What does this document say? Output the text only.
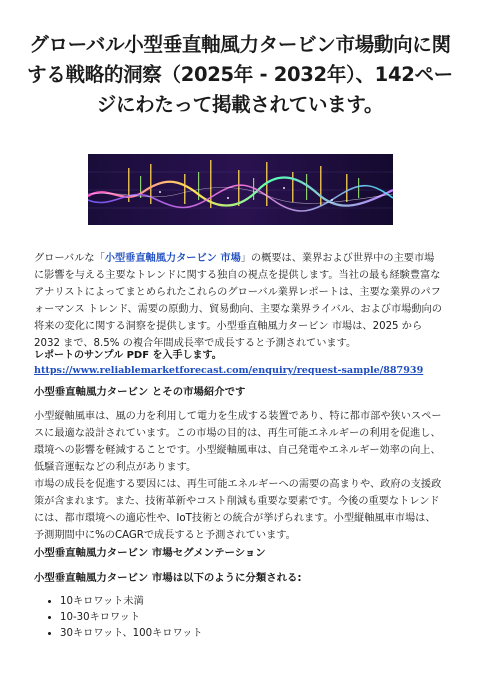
グローバル小型垂直軸風力タービン市場動向に関する戦略的洞察（2025年 - 2032年）、142ページにわたって掲載されています。

グローバルな「小型垂直軸風力タービン 市場」の概要は、業界および世界中の主要市場に影響を与える主要なトレンドに関する独自の視点を提供します。当社の最も経験豊富なアナリストによってまとめられたこれらのグローバル業界レポートは、主要な業界のパフォーマンス トレンド、需要の原動力、貿易動向、主要な業界ライバル、および市場動向の将来の変化に関する洞察を提供します。小型垂直軸風力タービン 市場は、2025 から 2032 まで、8.5% の複合年間成長率で成長すると予測されています。

レポートのサンプル PDF を入手します。
https://www.reliablemarketforecast.com/enquiry/request-sample/887939
小型垂直軸風力タービン とその市場紹介です

小型縦軸風車は、風の力を利用して電力を生成する装置であり、特に都市部や狭いスペースに最適な設計されています。この市場の目的は、再生可能エネルギーの利用を促進し、環境への影響を軽減することです。小型縦軸風車は、自己発電やエネルギー効率の向上、低騒音運転などの利点があります。

市場の成長を促進する要因には、再生可能エネルギーへの需要の高まりや、政府の支援政策が含まれます。また、技術革新やコスト削減も重要な要素です。今後の重要なトレンドには、都市環境への適応性や、IoT技術との統合が挙げられます。小型縦軸風車市場は、予測期間中に%のCAGRで成長すると予測されています。

小型垂直軸風力タービン 市場セグメンテーション
小型垂直軸風力タービン 市場は以下のように分類される:
• 10キロワット未満
• 10-30キロワット
• 30キロワット、100キロワット
